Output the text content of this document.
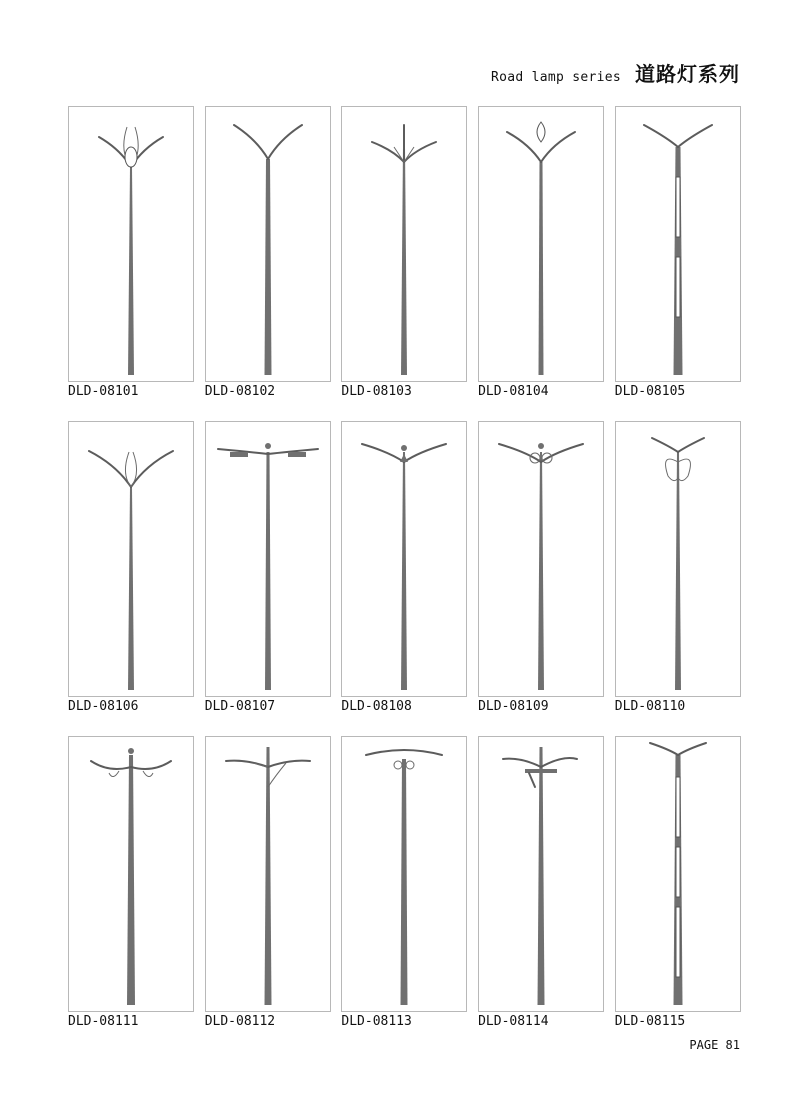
Road lamp series 道路灯系列
DLD-08101	DLD-08102	DLD-08103	DLD-08104	DLD-08105
DLD-08106	DLD-08107	DLD-08108	DLD-08109	DLD-08110
DLD-08111	DLD-08112	DLD-08113	DLD-08114	DLD-08115
PAGE 81
